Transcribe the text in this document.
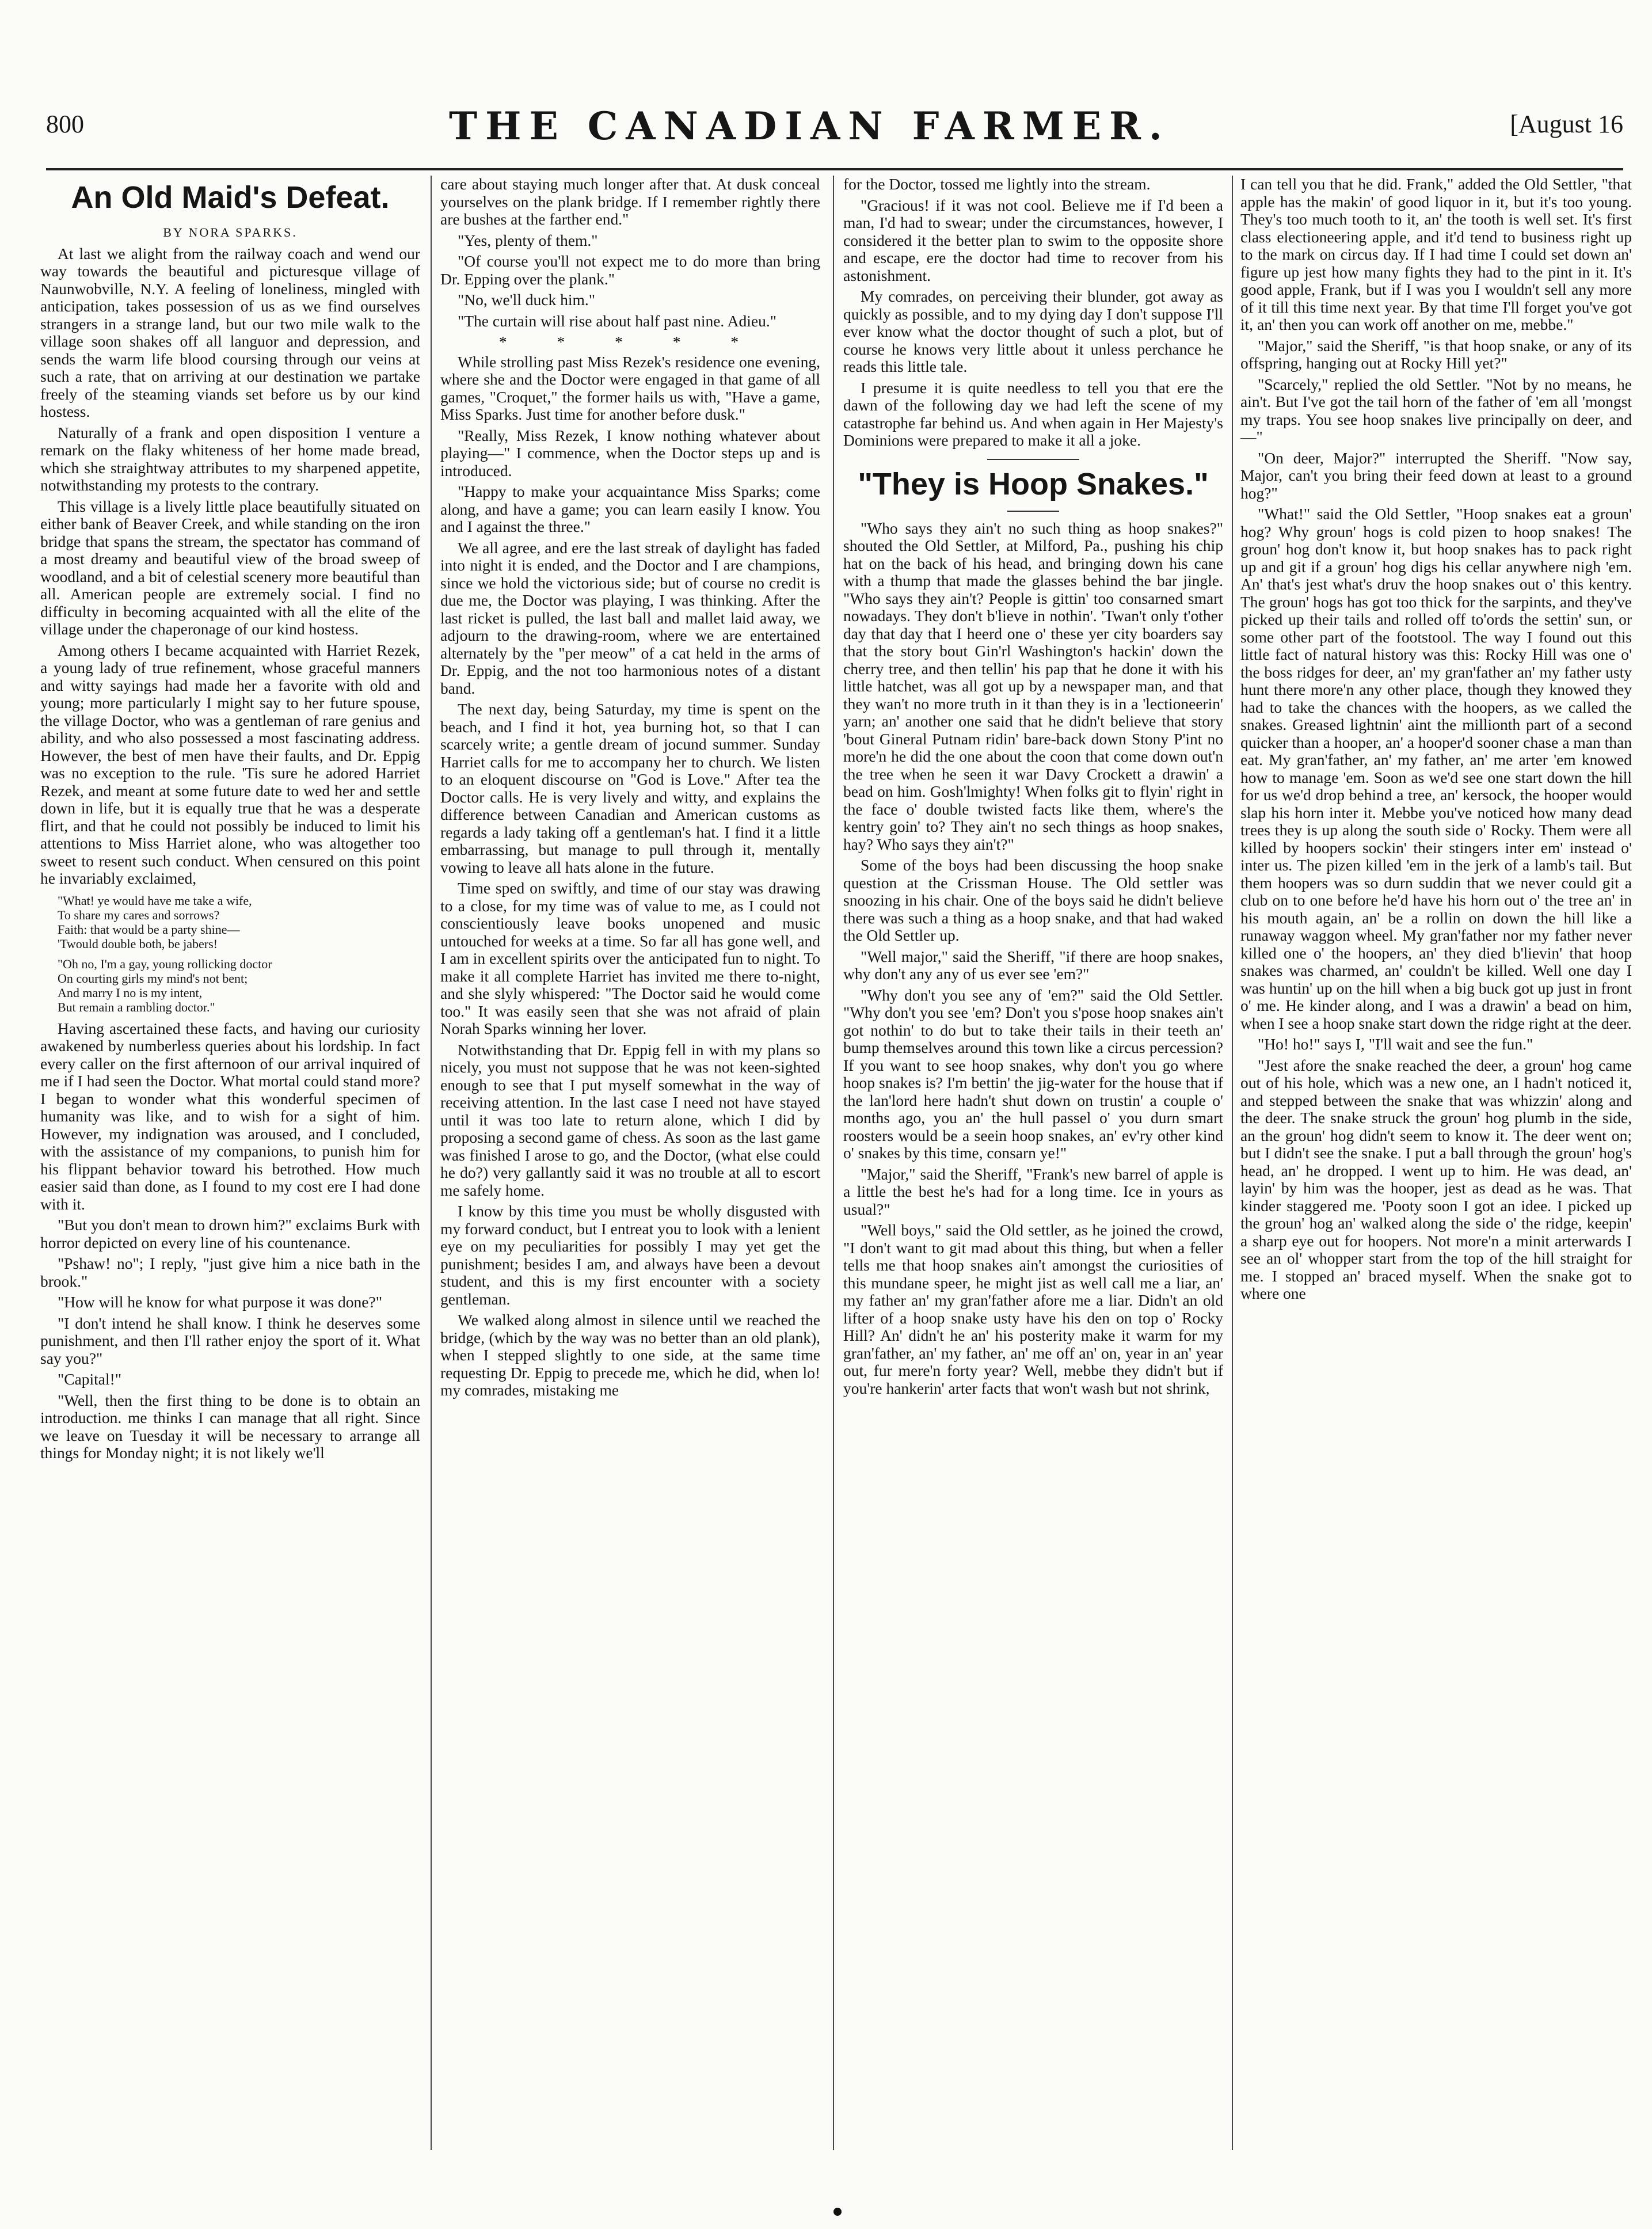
800	THE CANADIAN FARMER.	[August 16
An Old Maid's Defeat.

BY NORA SPARKS.

At last we alight from the railway coach and wend our way towards the beautiful and picturesque village of Naunwobville, N.Y. A feeling of loneliness, mingled with anticipation, takes possession of us as we find ourselves strangers in a strange land, but our two mile walk to the village soon shakes off all languor and depression, and sends the warm life blood coursing through our veins at such a rate, that on arriving at our destination we partake freely of the steaming viands set before us by our kind hostess.

Naturally of a frank and open disposition I venture a remark on the flaky whiteness of her home made bread, which she straightway attributes to my sharpened appetite, notwithstanding my protests to the contrary.

This village is a lively little place beautifully situated on either bank of Beaver Creek, and while standing on the iron bridge that spans the stream, the spectator has command of a most dreamy and beautiful view of the broad sweep of woodland, and a bit of celestial scenery more beautiful than all. American people are extremely social. I find no difficulty in becoming acquainted with all the elite of the village under the chaperonage of our kind hostess.

Among others I became acquainted with Harriet Rezek, a young lady of true refinement, whose graceful manners and witty sayings had made her a favorite with old and young; more particularly I might say to her future spouse, the village Doctor, who was a gentleman of rare genius and ability, and who also possessed a most fascinating address. However, the best of men have their faults, and Dr. Eppig was no exception to the rule. 'Tis sure he adored Harriet Rezek, and meant at some future date to wed her and settle down in life, but it is equally true that he was a desperate flirt, and that he could not possibly be induced to limit his attentions to Miss Harriet alone, who was altogether too sweet to resent such conduct. When censured on this point he invariably exclaimed,

"What! ye would have me take a wife,
To share my cares and sorrows?
Faith: that would be a party shine—
'Twould double both, be jabers!
"Oh no, I'm a gay, young rollicking doctor
On courting girls my mind's not bent;
And marry I no is my intent,
But remain a rambling doctor."

Having ascertained these facts, and having our curiosity awakened by numberless queries about his lordship. In fact every caller on the first afternoon of our arrival inquired of me if I had seen the Doctor. What mortal could stand more? I began to wonder what this wonderful specimen of humanity was like, and to wish for a sight of him. However, my indignation was aroused, and I concluded, with the assistance of my companions, to punish him for his flippant behavior toward his betrothed. How much easier said than done, as I found to my cost ere I had done with it.

"But you don't mean to drown him?" exclaims Burk with horror depicted on every line of his countenance.

"Pshaw! no"; I reply, "just give him a nice bath in the brook."

"How will he know for what purpose it was done?"

"I don't intend he shall know. I think he deserves some punishment, and then I'll rather enjoy the sport of it. What say you?"

"Capital!"

"Well, then the first thing to be done is to obtain an introduction. me thinks I can manage that all right. Since we leave on Tuesday it will be necessary to arrange all things for Monday night; it is not likely we'll

care about staying much longer after that. At dusk conceal yourselves on the plank bridge. If I remember rightly there are bushes at the farther end."

"Yes, plenty of them."

"Of course you'll not expect me to do more than bring Dr. Epping over the plank."

"No, we'll duck him."

"The curtain will rise about half past nine. Adieu."

* * * * *

While strolling past Miss Rezek's residence one evening, where she and the Doctor were engaged in that game of all games, "Croquet," the former hails us with, "Have a game, Miss Sparks. Just time for another before dusk."

"Really, Miss Rezek, I know nothing whatever about playing—" I commence, when the Doctor steps up and is introduced.

"Happy to make your acquaintance Miss Sparks; come along, and have a game; you can learn easily I know. You and I against the three."

We all agree, and ere the last streak of daylight has faded into night it is ended, and the Doctor and I are champions, since we hold the victorious side; but of course no credit is due me, the Doctor was playing, I was thinking. After the last ricket is pulled, the last ball and mallet laid away, we adjourn to the drawing-room, where we are entertained alternately by the "per meow" of a cat held in the arms of Dr. Eppig, and the not too harmonious notes of a distant band.

The next day, being Saturday, my time is spent on the beach, and I find it hot, yea burning hot, so that I can scarcely write; a gentle dream of jocund summer. Sunday Harriet calls for me to accompany her to church. We listen to an eloquent discourse on "God is Love." After tea the Doctor calls. He is very lively and witty, and explains the difference between Canadian and American customs as regards a lady taking off a gentleman's hat. I find it a little embarrassing, but manage to pull through it, mentally vowing to leave all hats alone in the future.

Time sped on swiftly, and time of our stay was drawing to a close, for my time was of value to me, as I could not conscientiously leave books unopened and music untouched for weeks at a time. So far all has gone well, and I am in excellent spirits over the anticipated fun to night. To make it all complete Harriet has invited me there to-night, and she slyly whispered: "The Doctor said he would come too." It was easily seen that she was not afraid of plain Norah Sparks winning her lover.

Notwithstanding that Dr. Eppig fell in with my plans so nicely, you must not suppose that he was not keen-sighted enough to see that I put myself somewhat in the way of receiving attention. In the last case I need not have stayed until it was too late to return alone, which I did by proposing a second game of chess. As soon as the last game was finished I arose to go, and the Doctor, (what else could he do?) very gallantly said it was no trouble at all to escort me safely home.

I know by this time you must be wholly disgusted with my forward conduct, but I entreat you to look with a lenient eye on my peculiarities for possibly I may yet get the punishment; besides I am, and always have been a devout student, and this is my first encounter with a society gentleman.

We walked along almost in silence until we reached the bridge, (which by the way was no better than an old plank), when I stepped slightly to one side, at the same time requesting Dr. Eppig to precede me, which he did, when lo! my comrades, mistaking me

for the Doctor, tossed me lightly into the stream.

"Gracious! if it was not cool. Believe me if I'd been a man, I'd had to swear; under the circumstances, however, I considered it the better plan to swim to the opposite shore and escape, ere the doctor had time to recover from his astonishment.

My comrades, on perceiving their blunder, got away as quickly as possible, and to my dying day I don't suppose I'll ever know what the doctor thought of such a plot, but of course he knows very little about it unless perchance he reads this little tale.

I presume it is quite needless to tell you that ere the dawn of the following day we had left the scene of my catastrophe far behind us. And when again in Her Majesty's Dominions were prepared to make it all a joke.

"They is Hoop Snakes."

"Who says they ain't no such thing as hoop snakes?" shouted the Old Settler, at Milford, Pa., pushing his chip hat on the back of his head, and bringing down his cane with a thump that made the glasses behind the bar jingle. "Who says they ain't? People is gittin' too consarned smart nowadays. They don't b'lieve in nothin'. 'Twan't only t'other day that day that I heerd one o' these yer city boarders say that the story bout Gin'rl Washington's hackin' down the cherry tree, and then tellin' his pap that he done it with his little hatchet, was all got up by a newspaper man, and that they wan't no more truth in it than they is in a 'lectioneerin' yarn; an' another one said that he didn't believe that story 'bout Gineral Putnam ridin' bare-back down Stony P'int no more'n he did the one about the coon that come down out'n the tree when he seen it war Davy Crockett a drawin' a bead on him. Gosh'lmighty! When folks git to flyin' right in the face o' double twisted facts like them, where's the kentry goin' to? They ain't no sech things as hoop snakes, hay? Who says they ain't?"

Some of the boys had been discussing the hoop snake question at the Crissman House. The Old settler was snoozing in his chair. One of the boys said he didn't believe there was such a thing as a hoop snake, and that had waked the Old Settler up.

"Well major," said the Sheriff, "if there are hoop snakes, why don't any any of us ever see 'em?"

"Why don't you see any of 'em?" said the Old Settler. "Why don't you see 'em? Don't you s'pose hoop snakes ain't got nothin' to do but to take their tails in their teeth an' bump themselves around this town like a circus percession? If you want to see hoop snakes, why don't you go where hoop snakes is? I'm bettin' the jig-water for the house that if the lan'lord here hadn't shut down on trustin' a couple o' months ago, you an' the hull passel o' you durn smart roosters would be a seein hoop snakes, an' ev'ry other kind o' snakes by this time, consarn ye!"

"Major," said the Sheriff, "Frank's new barrel of apple is a little the best he's had for a long time. Ice in yours as usual?"

"Well boys," said the Old settler, as he joined the crowd, "I don't want to git mad about this thing, but when a feller tells me that hoop snakes ain't amongst the curiosities of this mundane speer, he might jist as well call me a liar, an' my father an' my gran'father afore me a liar. Didn't an old lifter of a hoop snake usty have his den on top o' Rocky Hill? An' didn't he an' his posterity make it warm for my gran'father, an' my father, an' me off an' on, year in an' year out, fur mere'n forty year? Well, mebbe they didn't but if you're hankerin' arter facts that won't wash but not shrink,

I can tell you that he did. Frank," added the Old Settler, "that apple has the makin' of good liquor in it, but it's too young. They's too much tooth to it, an' the tooth is well set. It's first class electioneering apple, and it'd tend to business right up to the mark on circus day. If I had time I could set down an' figure up jest how many fights they had to the pint in it. It's good apple, Frank, but if I was you I wouldn't sell any more of it till this time next year. By that time I'll forget you've got it, an' then you can work off another on me, mebbe."

"Major," said the Sheriff, "is that hoop snake, or any of its offspring, hanging out at Rocky Hill yet?"

"Scarcely," replied the old Settler. "Not by no means, he ain't. But I've got the tail horn of the father of 'em all 'mongst my traps. You see hoop snakes live principally on deer, and—"

"On deer, Major?" interrupted the Sheriff. "Now say, Major, can't you bring their feed down at least to a ground hog?"

"What!" said the Old Settler, "Hoop snakes eat a groun' hog? Why groun' hogs is cold pizen to hoop snakes! The groun' hog don't know it, but hoop snakes has to pack right up and git if a groun' hog digs his cellar anywhere nigh 'em. An' that's jest what's druv the hoop snakes out o' this kentry. The groun' hogs has got too thick for the sarpints, and they've picked up their tails and rolled off to'ords the settin' sun, or some other part of the footstool. The way I found out this little fact of natural history was this: Rocky Hill was one o' the boss ridges for deer, an' my gran'father an' my father usty hunt there more'n any other place, though they knowed they had to take the chances with the hoopers, as we called the snakes. Greased lightnin' aint the millionth part of a second quicker than a hooper, an' a hooper'd sooner chase a man than eat. My gran'father, an' my father, an' me arter 'em knowed how to manage 'em. Soon as we'd see one start down the hill for us we'd drop behind a tree, an' kersock, the hooper would slap his horn inter it. Mebbe you've noticed how many dead trees they is up along the south side o' Rocky. Them were all killed by hoopers sockin' their stingers inter em' instead o' inter us. The pizen killed 'em in the jerk of a lamb's tail. But them hoopers was so durn suddin that we never could git a club on to one before he'd have his horn out o' the tree an' in his mouth again, an' be a rollin on down the hill like a runaway waggon wheel. My gran'father nor my father never killed one o' the hoopers, an' they died b'lievin' that hoop snakes was charmed, an' couldn't be killed. Well one day I was huntin' up on the hill when a big buck got up just in front o' me. He kinder along, and I was a drawin' a bead on him, when I see a hoop snake start down the ridge right at the deer.

"Ho! ho!" says I, "I'll wait and see the fun."

"Jest afore the snake reached the deer, a groun' hog came out of his hole, which was a new one, an I hadn't noticed it, and stepped between the snake that was whizzin' along and the deer. The snake struck the groun' hog plumb in the side, an the groun' hog didn't seem to know it. The deer went on; but I didn't see the snake. I put a ball through the groun' hog's head, an' he dropped. I went up to him. He was dead, an' layin' by him was the hooper, jest as dead as he was. That kinder staggered me. 'Pooty soon I got an idee. I picked up the groun' hog an' walked along the side o' the ridge, keepin' a sharp eye out for hoopers. Not more'n a minit arterwards I see an ol' whopper start from the top of the hill straight for me. I stopped an' braced myself. When the snake got to where one
